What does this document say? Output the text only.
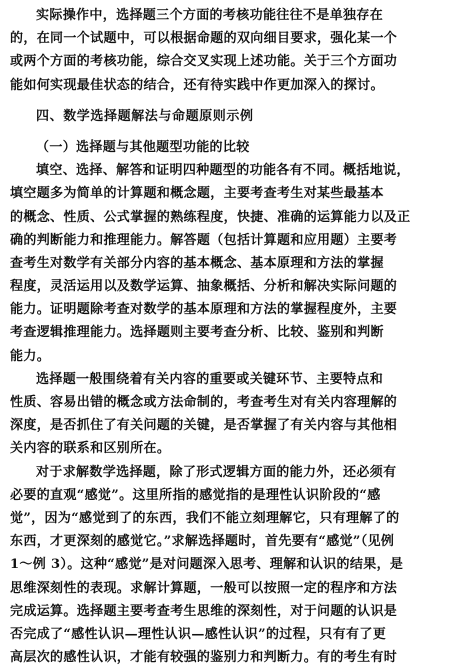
实际操作中，选择题三个方面的考核功能往往不是单独存在
的，在同一个试题中，可以根据命题的双向细目要求，强化某一个
或两个方面的考核功能，综合交叉实现上述功能。关于三个方面功
能如何实现最佳状态的结合，还有待实践中作更加深入的探讨。
四、数学选择题解法与命题原则示例
（一）选择题与其他题型功能的比较
填空、选择、解答和证明四种题型的功能各有不同。概括地说，
填空题多为简单的计算题和概念题，主要考查考生对某些最基本
的概念、性质、公式掌握的熟练程度，快捷、准确的运算能力以及正
确的判断能力和推理能力。解答题（包括计算题和应用题）主要考
查考生对数学有关部分内容的基本概念、基本原理和方法的掌握
程度，灵活运用以及数学运算、抽象概括、分析和解决实际问题的
能力。证明题除考查对数学的基本原理和方法的掌握程度外，主要
考查逻辑推理能力。选择题则主要考查分析、比较、鉴别和判断
能力。
选择题一般围绕着有关内容的重要或关键环节、主要特点和
性质、容易出错的概念或方法命制的，考查考生对有关内容理解的
深度，是否抓住了有关问题的关键，是否掌握了有关内容与其他相
关内容的联系和区别所在。
对于求解数学选择题，除了形式逻辑方面的能力外，还必须有
必要的直观“感觉”。这里所指的感觉指的是理性认识阶段的“感
觉”，因为“感觉到了的东西，我们不能立刻理解它，只有理解了的
东西，才更深刻的感觉它。”求解选择题时，首先要有“感觉”（见例
1～例 3）。这种“感觉”是对问题深入思考、理解和认识的结果，是
思维深刻性的表现。求解计算题，一般可以按照一定的程序和方法
完成运算。选择题主要考查考生思维的深刻性，对于问题的认识是
否完成了“感性认识—理性认识—感性认识”的过程，只有有了更
高层次的感性认识，才能有较强的鉴别力和判断力。有的考生有时
